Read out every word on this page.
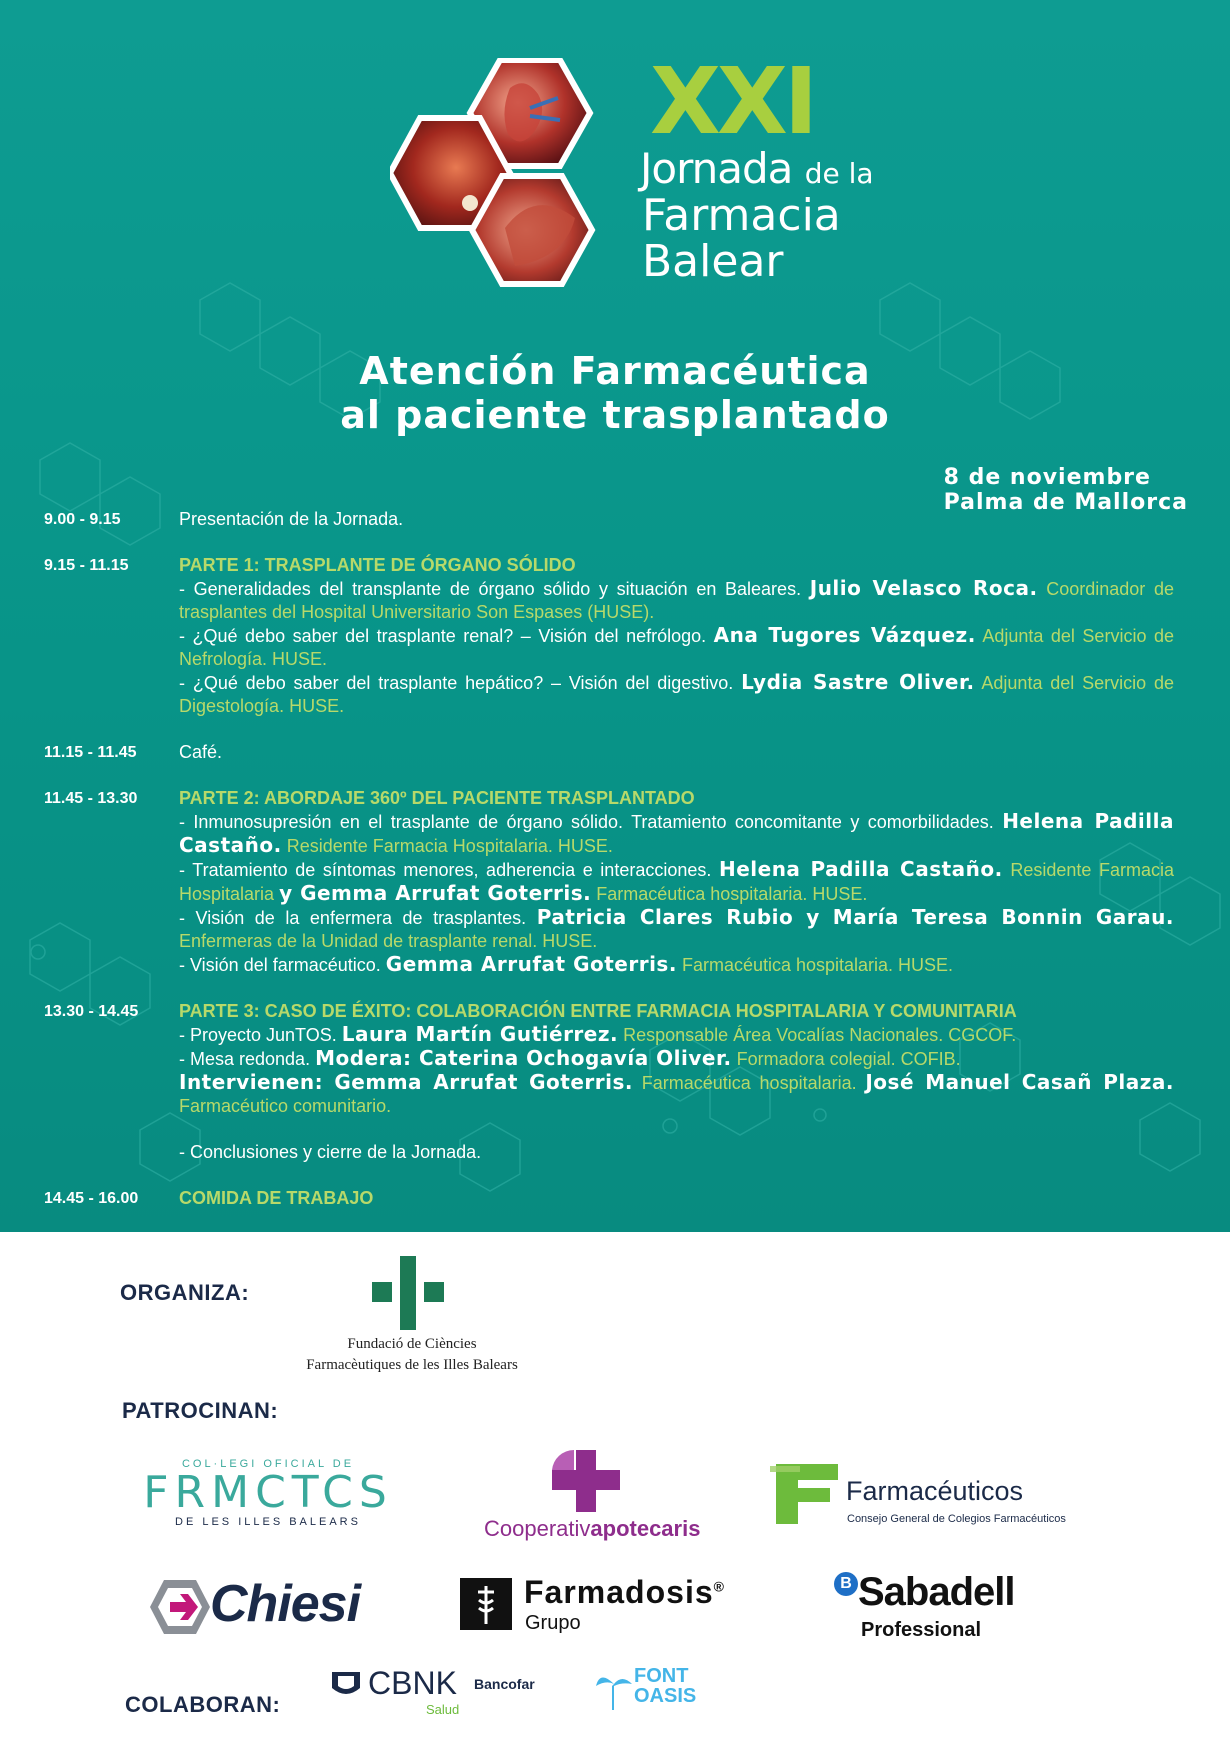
XXI
Jornada de la
Farmacia
Balear
Atención Farmacéutica
al paciente trasplantado
8 de noviembre
Palma de Mallorca
9.00 - 9.15	Presentación de la Jornada.
9.15 - 11.15	PARTE 1: TRASPLANTE DE ÓRGANO SÓLIDO
- Generalidades del transplante de órgano sólido y situación en Baleares. Julio Velasco Roca. Coordinador de trasplantes del Hospital Universitario Son Espases (HUSE).
- ¿Qué debo saber del trasplante renal? – Visión del nefrólogo. Ana Tugores Vázquez. Adjunta del Servicio de Nefrología. HUSE.
- ¿Qué debo saber del trasplante hepático? – Visión del digestivo. Lydia Sastre Oliver. Adjunta del Servicio de Digestología. HUSE.
11.15 - 11.45	Café.
11.45 - 13.30	PARTE 2: ABORDAJE 360º DEL PACIENTE TRASPLANTADO
- Inmunosupresión en el trasplante de órgano sólido. Tratamiento concomitante y comorbilidades. Helena Padilla Castaño. Residente Farmacia Hospitalaria. HUSE.
- Tratamiento de síntomas menores, adherencia e interacciones. Helena Padilla Castaño. Residente Farmacia Hospitalaria y Gemma Arrufat Goterris. Farmacéutica hospitalaria. HUSE.
- Visión de la enfermera de trasplantes. Patricia Clares Rubio y María Teresa Bonnin Garau. Enfermeras de la Unidad de trasplante renal. HUSE.
- Visión del farmacéutico. Gemma Arrufat Goterris. Farmacéutica hospitalaria. HUSE.
13.30 - 14.45	PARTE 3: CASO DE ÉXITO: COLABORACIÓN ENTRE FARMACIA HOSPITALARIA Y COMUNITARIA
- Proyecto JunTOS. Laura Martín Gutiérrez. Responsable Área Vocalías Nacionales. CGCOF.
- Mesa redonda. Modera: Caterina Ochogavía Oliver. Formadora colegial. COFIB.
Intervienen: Gemma Arrufat Goterris. Farmacéutica hospitalaria. José Manuel Casañ Plaza. Farmacéutico comunitario.
- Conclusiones y cierre de la Jornada.
14.45 - 16.00	COMIDA DE TRABAJO
ORGANIZA:
Fundació de Ciències
Farmacèutiques de les Illes Balears
PATROCINAN:
COL·LEGI OFICIAL DE
FRMCTCS
DE LES ILLES BALEARS	Cooperativapotecaris
Farmacéuticos
Consejo General de Colegios Farmacéuticos
Chiesi	Farmadosis®
Grupo
B Sabadell
Professional
COLABORAN:
CBNK
Salud
Bancofar	FONT
OASIS
